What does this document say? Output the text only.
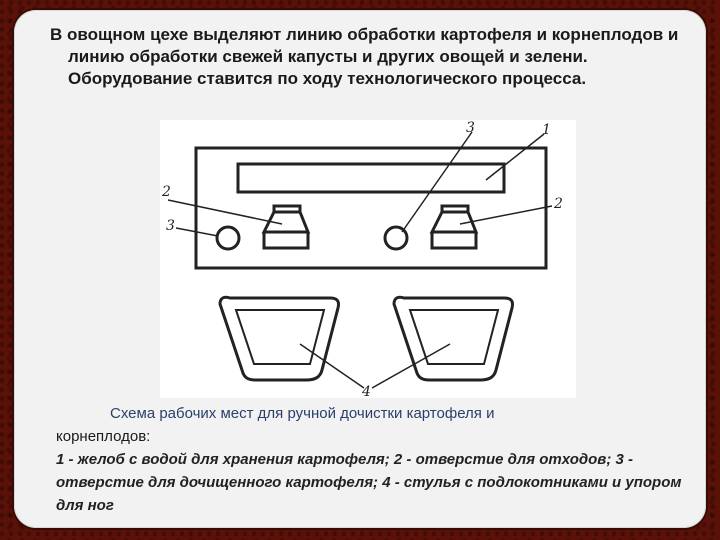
В овощном цехе выделяют линию обработки картофеля и корнеплодов и линию обработки свежей капусты и других овощей и зелени. Оборудование ставится по ходу технологического процесса.
2
3
3	1
2
4
Схема рабочих мест для ручной дочистки картофеля и
корнеплодов:
1 - желоб с водой для хранения картофеля; 2 - отверстие для отходов; 3 - отверстие для дочищенного картофеля; 4 - стулья с подлокотниками и упором для ног
